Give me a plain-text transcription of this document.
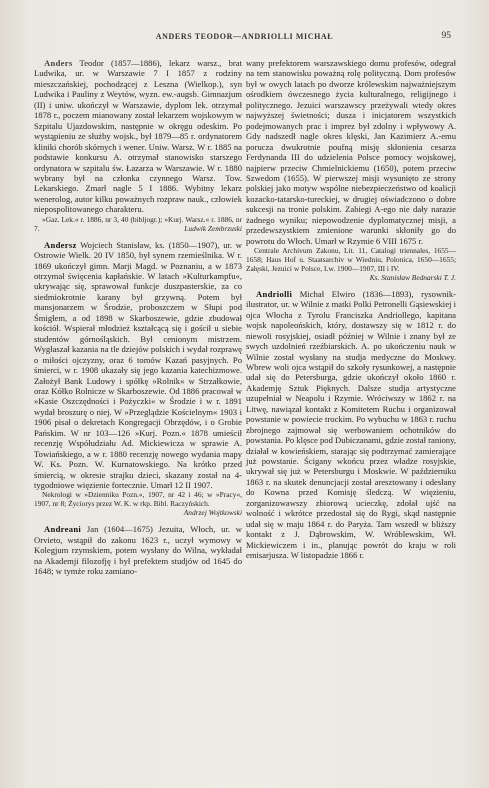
ANDERS TEODOR—ANDRIOLLI MICHAŁ	95
Anders Teodor (1857—1886), lekarz warsz., brat Ludwika, ur. w Warszawie 7 I 1857 z rodziny mieszczańskiej, pochodzącej z Leszna (Wielkop.), syn Ludwika i Pauliny z Weytów, wyzn. ew.-augsb. Gimnazjum (II) i uniw. ukończył w Warszawie, dyplom lek. otrzymał 1878 r., poczem mianowany został lekarzem wojskowym w Szpitalu Ujazdowskim, następnie w okręgu odeskim. Po wystąpieniu ze służby wojsk., był 1879—85 r. ordynatorem kliniki chorób skórnych i wener. Uniw. Warsz. W r. 1885 na podstawie konkursu A. otrzymał stanowisko starszego ordynatora w szpitalu św. Łazarza w Warszawie. W r. 1880 wybrany był na członka czynnego Warsz. Tow. Lekarskiego. Zmarł nagle 5 I 1886. Wybitny lekarz wenerolog, autor kilku poważnych rozpraw nauk., człowiek niepospolitowanego charakteru.
»Gaz. Lek.« r. 1886, nr 3, 40 (bibljogr.); »Kurj. Warsz.« r. 1886, nr 7.	Ludwik Zembrzuski
Andersz Wojciech Stanisław, ks. (1850—1907), ur. w Ostrowie Wielk. 20 IV 1850, był synem rzemieślnika. W r. 1869 ukończył gimn. Marji Magd. w Poznaniu, a w 1873 otrzymał święcenia kapłańskie. W latach »Kulturkampfu«, ukrywając się, sprawował funkcje duszpasterskie, za co siedmiokrotnie karany był grzywną. Potem był mansjonarzem w Środzie, proboszczem w Słupi pod Śmigłem, a od 1898 w Skarboszewie, gdzie zbudował kościół. Wspierał młodzież kształcącą się i gościł u siebie studentów górnośląskich. Był cenionym mistrzem. Wygłaszał kazania na tle dziejów polskich i wydał rozprawę o miłości ojczyzny, oraz 6 tomów Kazań pasyjnych. Po śmierci, w r. 1908 ukazały się jego kazania katechizmowe. Założył Bank Ludowy i spółkę »Rolnik« w Strzałkowie, oraz Kółko Rolnicze w Skarboszewie. Od 1886 pracował w »Kasie Oszczędności i Pożyczki« w Środzie i w r. 1891 wydał broszurę o niej. W »Przeglądzie Kościelnym« 1903 i 1906 pisał o dekretach Kongregacji Obrzędów, i o Grobie Pańskim. W nr 103—126 »Kurj. Pozn.« 1878 umieścił recenzję Współudziału Ad. Mickiewicza w sprawie A. Towiańskiego, a w r. 1880 recenzję nowego wydania mapy W. Ks. Pozn. W. Kurnatowskiego. Na krótko przed śmiercią, w okresie strajku dzieci, skazany został na 4-tygodniowe więzienie fortecznie. Umarł 12 II 1907.
Nekrologi w »Dzienniku Pozn.«, 1907, nr 42 i 46; w »Pracy«, 1907, nr 8; Życiorys przez W. K. w rkp. Bibl. Raczyńskich.
Andrzej Wojtkowski
Andreani Jan (1604—1675) Jezuita, Włoch, ur. w Orvieto, wstąpił do zakonu 1623 r., uczył wymowy w Kolegjum rzymskiem, potem wysłany do Wilna, wykładał na Akademji filozofję i był prefektem studjów od 1645 do 1648; w tymże roku zamiano-
wany prefektorem warszawskiego domu profesów, odegrał na tem stanowisku poważną rolę polityczną. Dom profesów był w owych latach po dworze królewskim najważniejszym ośrodkiem ówczesnego życia kulturalnego, religijnego i politycznego. Jezuici warszawscy przeżywali wtedy okres najwyższej świetności; dusza i inicjatorem wszystkich podejmowanych prac i imprez był zdolny i wpływowy A. Gdy nadszedł nagle okres klęski, Jan Kazimierz A.-emu porucza dwukrotnie poufną misję skłonienia cesarza Ferdynanda III do udzielenia Polsce pomocy wojskowej, najpierw przeciw Chmielnickiemu (1650), potem przeciw Szwedom (1655). W pierwszej misji wysunięto ze strony polskiej jako motyw wspólne niebezpieczeństwo od koalicji kozacko-tatarsko-tureckiej, w drugiej oświadczono o dobre sukcesji na tronie polskim. Zabiegi A-ego nie dały narazie żadnego wyniku; niepowodzenie dyplomatycznej misji, a przedewszystkiem zmienione warunki skłoniły go do powrotu do Włoch. Umarł w Rzymie 6 VIII 1675 r.
Centrale Archivum Zakonu, Lit. 11, Catalogi triennales, 1655—1658; Haus Hof u. Staatsarchiv w Wiedniu, Polonica, 1650—1655; Załęski, Jezuici w Polsce, Lw. 1900—1907, III i IV.
Ks. Stanisław Bednarski T. J.
Andriolli Michał Elwiro (1836—1893), rysownik-ilustrator, ur. w Wilnie z matki Polki Petronelli Gąsiewskiej i ojca Włocha z Tyrolu Franciszka Andriollego, kapitana wojsk napoleońskich, który, dostawszy się w 1812 r. do niewoli rosyjskiej, osiadł później w Wilnie i znany był ze swych uzdolnień rzeźbiarskich. A. po ukończeniu nauk w Wilnie został wysłany na studja medyczne do Moskwy. Wbrew woli ojca wstąpił do szkoły rysunkowej, a następnie udał się do Petersburga, gdzie ukończył około 1860 r. Akademję Sztuk Pięknych. Dalsze studja artystyczne uzupełniał w Neapolu i Rzymie. Wróciwszy w 1862 r. na Litwę, nawiązał kontakt z Komitetem Ruchu i organizował powstanie w powiecie trockim. Po wybuchu w 1863 r. ruchu zbrojnego zajmował się werbowaniem ochotników do powstania. Po klęsce pod Dubiczanami, gdzie został raniony, działał w kowieńskiem, starając się podtrzymać zamierające już powstanie. Ścigany wkońcu przez władze rosyjskie, ukrywał się już w Petersburgu i Moskwie. W październiku 1863 r. na skutek denuncjacji został aresztowany i odesłany do Kowna przed Komisję śledczą. W więzieniu, zorganizowawszy zbiorową ucieczkę, zdołał ujść na wolność i wkrótce przedostał się do Rygi, skąd następnie udał się w maju 1864 r. do Paryża. Tam wszedł w bliższy kontakt z J. Dąbrowskim, W. Wróblewskim, Wł. Mickiewiczem i in., planując powrót do kraju w roli emisarjusza. W listopadzie 1866 r.
